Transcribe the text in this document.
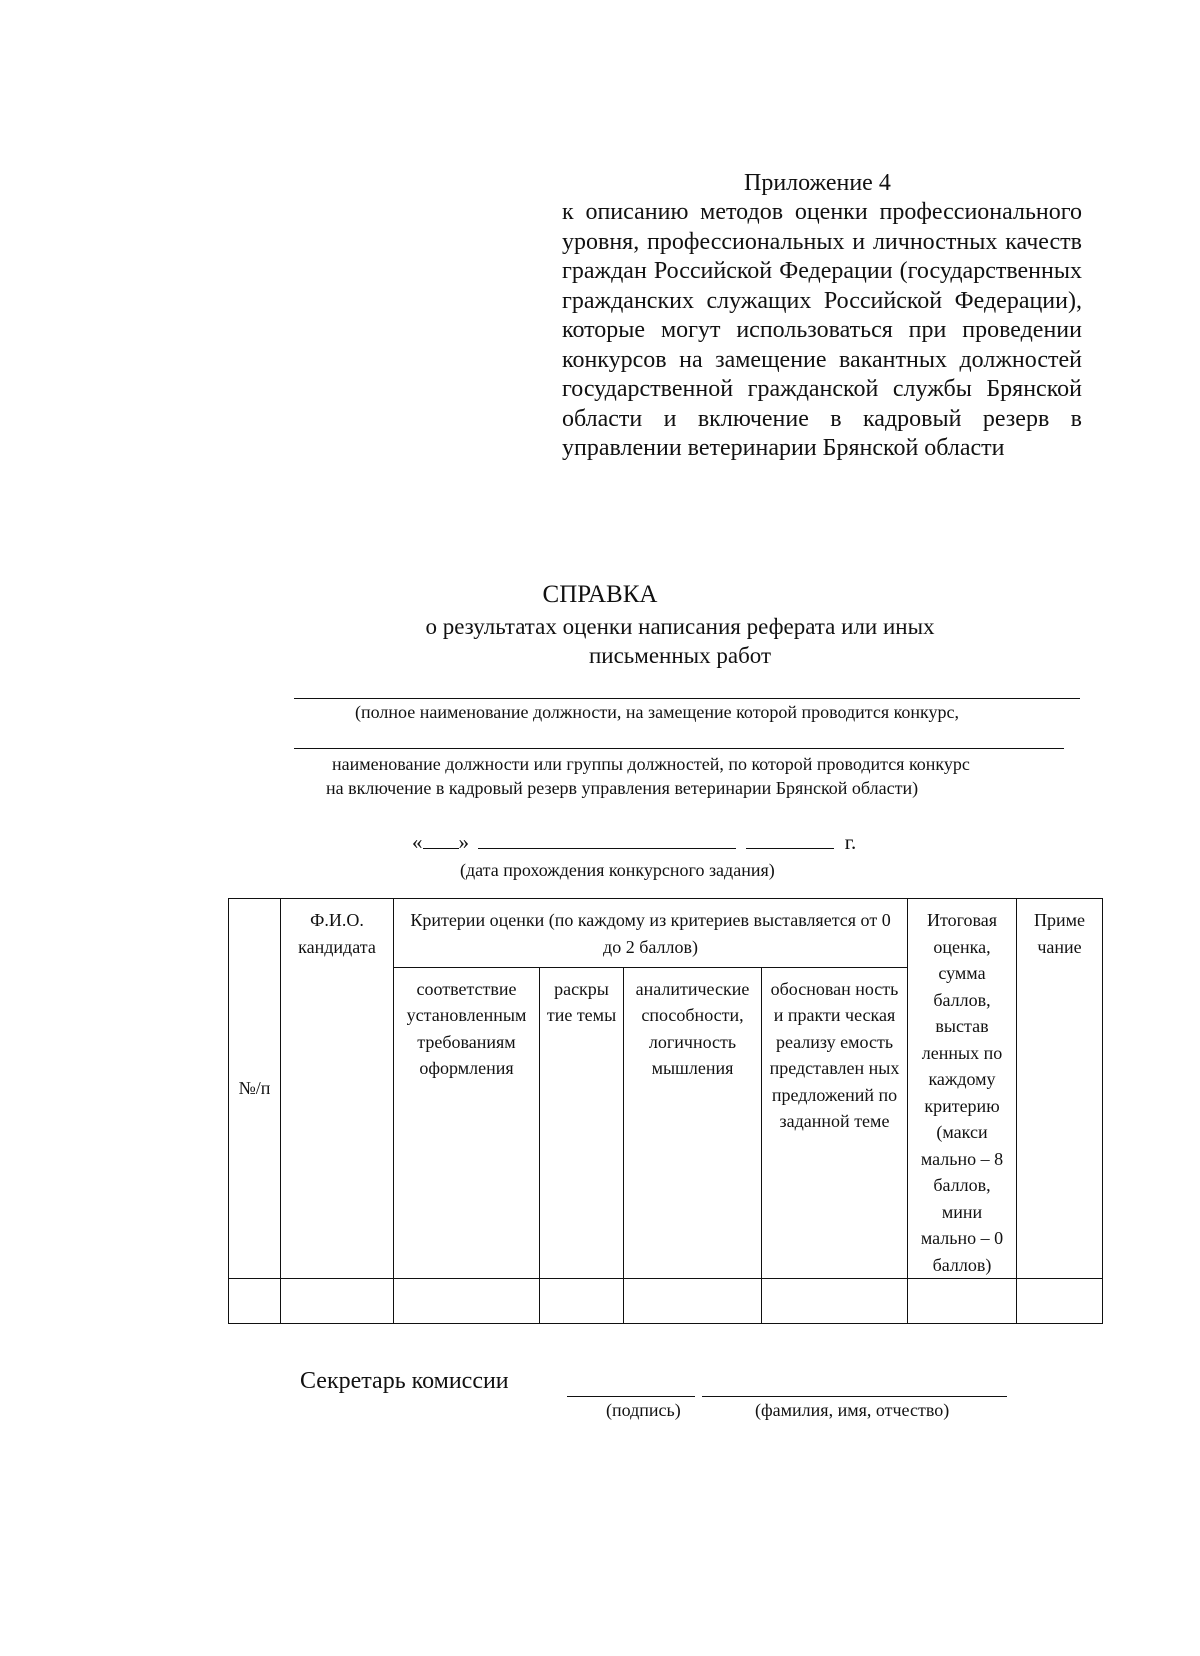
Приложение 4
к описанию методов оценки профессионального уровня, профессиональных и личностных качеств граждан Российской Федерации (государственных гражданских служащих Российской Федерации), которые могут использоваться при проведении конкурсов на замещение вакантных должностей государственной гражданской службы Брянской области и включение в кадровый резерв в управлении ветеринарии Брянской области
СПРАВКА
о результатах оценки написания реферата или иных
письменных работ
(полное наименование должности, на замещение которой проводится конкурс,
наименование должности или группы должностей, по которой проводится конкурс
на включение в кадровый резерв управления ветеринарии Брянской области)
« »	г.
(дата прохождения конкурсного задания)
№/п	Ф.И.О. кандидата	Критерии оценки (по каждому из критериев выставляется от 0 до 2 баллов)				Итоговая оценка, сумма баллов, выстав ленных по каждому критерию (макси мально – 8 баллов, мини мально – 0 баллов)	Приме чание
		соответствие установленным требованиям оформления	раскры тие темы	аналитические способности, логичность мышления	обоснован ность и практи ческая реализу емость представлен ных предложений по заданной теме		

Секретарь комиссии
(подпись)	(фамилия, имя, отчество)
